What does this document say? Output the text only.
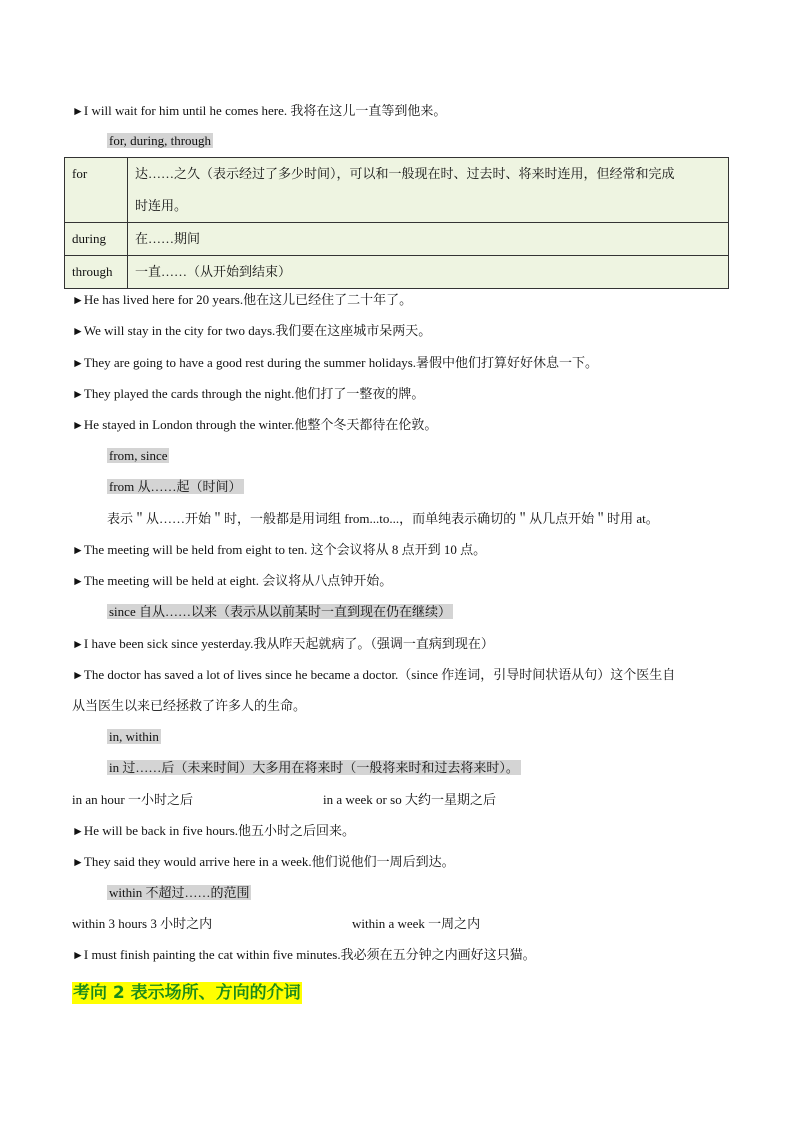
►I will wait for him until he comes here. 我将在这儿一直等到他来。
for, during, through
for	达……之久（表示经过了多少时间），可以和一般现在时、过去时、将来时连用，但经常和完成
时连用。

during	在……期间
through	一直……（从开始到结束）
►He has lived here for 20 years.他在这儿已经住了二十年了。
►We will stay in the city for two days.我们要在这座城市呆两天。
►They are going to have a good rest during the summer holidays.暑假中他们打算好好休息一下。
►They played the cards through the night.他们打了一整夜的牌。
►He stayed in London through the winter.他整个冬天都待在伦敦。
from, since
from 从……起（时间）
表示＂从……开始＂时，一般都是用词组 from...to...，而单纯表示确切的＂从几点开始＂时用 at。
►The meeting will be held from eight to ten. 这个会议将从 8 点开到 10 点。
►The meeting will be held at eight. 会议将从八点钟开始。
since 自从……以来（表示从以前某时一直到现在仍在继续）
►I have been sick since yesterday.我从昨天起就病了。（强调一直病到现在）
►The doctor has saved a lot of lives since he became a doctor.（since 作连词，引导时间状语从句）这个医生自
从当医生以来已经拯救了许多人的生命。
in, within
in 过……后（未来时间）大多用在将来时（一般将来时和过去将来时）。
in an hour 一小时之后	in a week or so 大约一星期之后
►He will be back in five hours.他五小时之后回来。
►They said they would arrive here in a week.他们说他们一周后到达。
within 不超过……的范围
within 3 hours 3 小时之内	within a week 一周之内
►I must finish painting the cat within five minutes.我必须在五分钟之内画好这只猫。
考向 2 表示场所、方向的介词
